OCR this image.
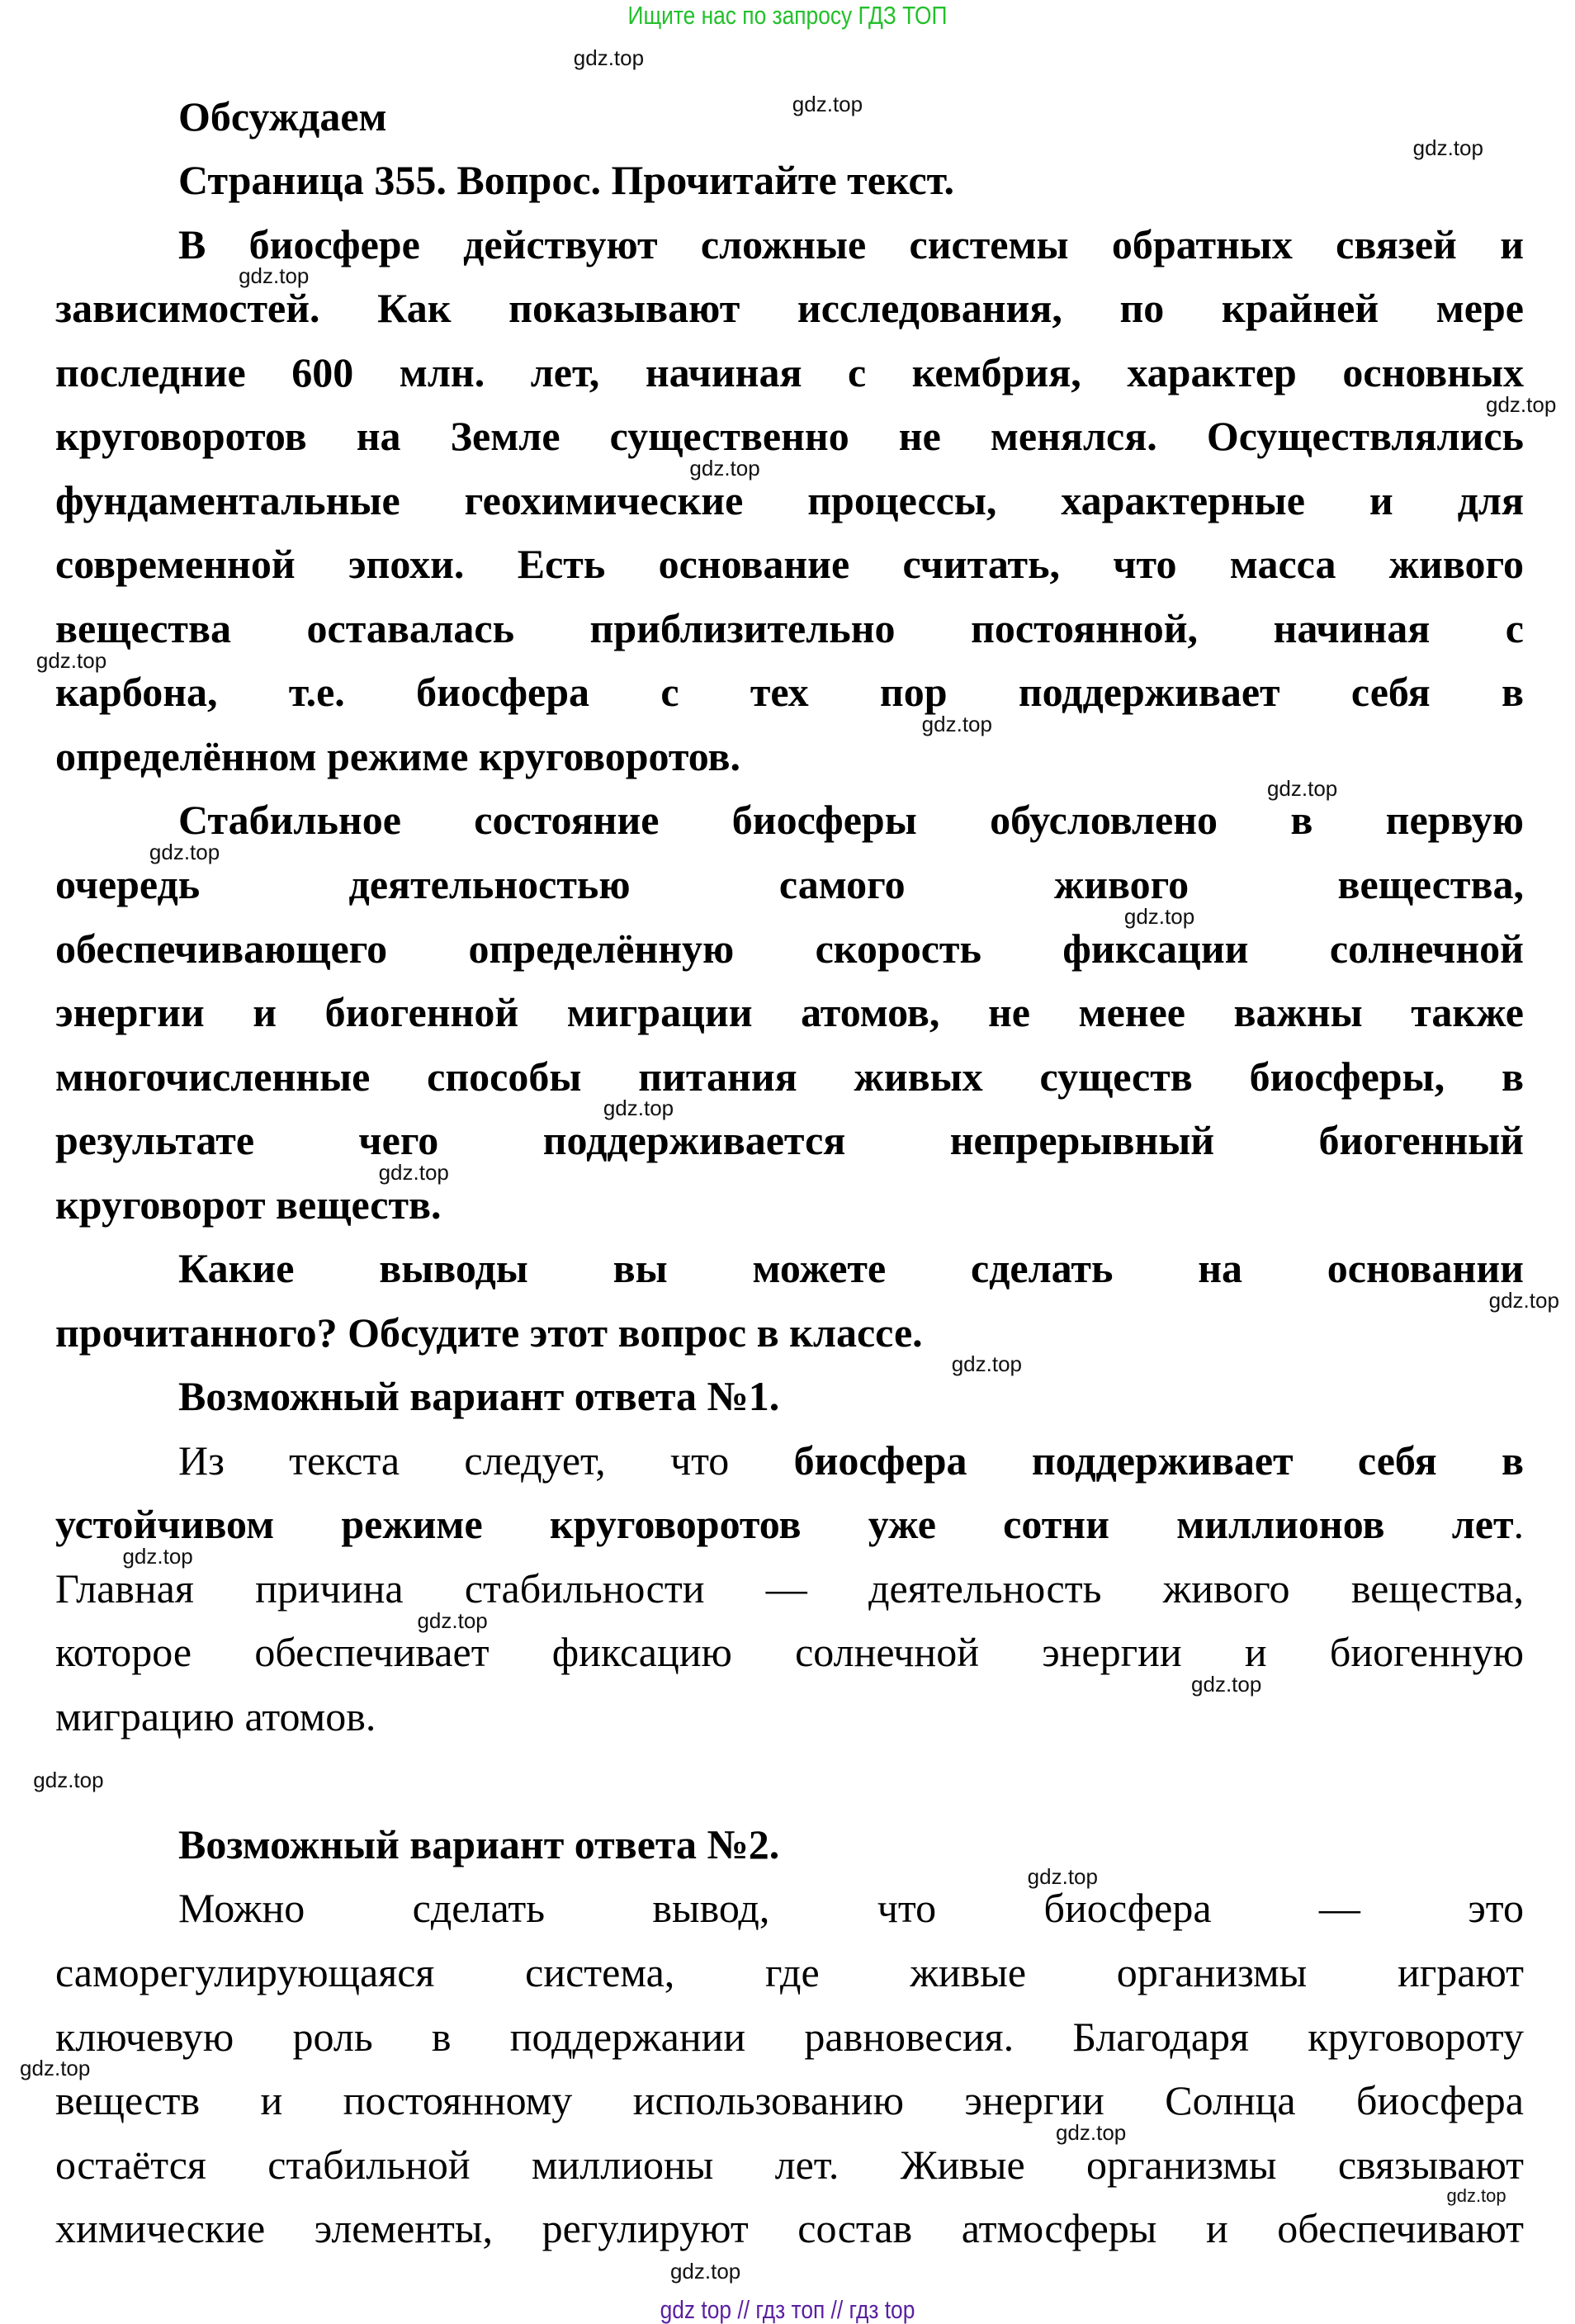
Ищите нас по запросу ГДЗ ТОП
Обсуждаем
Страница 355. Вопрос. Прочитайте текст.
В биосфере действуют сложные системы обратных связей и
зависимостей. Как показывают исследования, по крайней мере
последние 600 млн. лет, начиная с кембрия, характер основных
круговоротов на Земле существенно не менялся. Осуществлялись
фундаментальные геохимические процессы, характерные и для
современной эпохи. Есть основание считать, что масса живого
вещества оставалась приблизительно постоянной, начиная с
карбона, т.е. биосфера с тех пор поддерживает себя в
определённом режиме круговоротов.
Стабильное состояние биосферы обусловлено в первую
очередь деятельностью самого живого вещества,
обеспечивающего определённую скорость фиксации солнечной
энергии и биогенной миграции атомов, не менее важны также
многочисленные способы питания живых существ биосферы, в
результате чего поддерживается непрерывный биогенный
круговорот веществ.
Какие выводы вы можете сделать на основании
прочитанного? Обсудите этот вопрос в классе.
Возможный вариант ответа №1.
Из текста следует, что биосфера поддерживает себя в
устойчивом режиме круговоротов уже сотни миллионов лет.
Главная причина стабильности — деятельность живого вещества,
которое обеспечивает фиксацию солнечной энергии и биогенную
миграцию атомов.
Возможный вариант ответа №2.
Можно сделать вывод, что биосфера — это
саморегулирующаяся система, где живые организмы играют
ключевую роль в поддержании равновесия. Благодаря круговороту
веществ и постоянному использованию энергии Солнца биосфера
остаётся стабильной миллионы лет. Живые организмы связывают
химические элементы, регулируют состав атмосферы и обеспечивают
gdz.top
gdz.top
gdz.top
gdz.top
gdz.top
gdz.top
gdz.top
gdz.top
gdz.top
gdz.top
gdz.top
gdz.top
gdz.top
gdz.top
gdz.top
gdz.top
gdz.top
gdz.top
gdz.top
gdz.top
gdz.top
gdz.top
gdz.top
gdz.top
gdz top // гдз топ // гдз top
